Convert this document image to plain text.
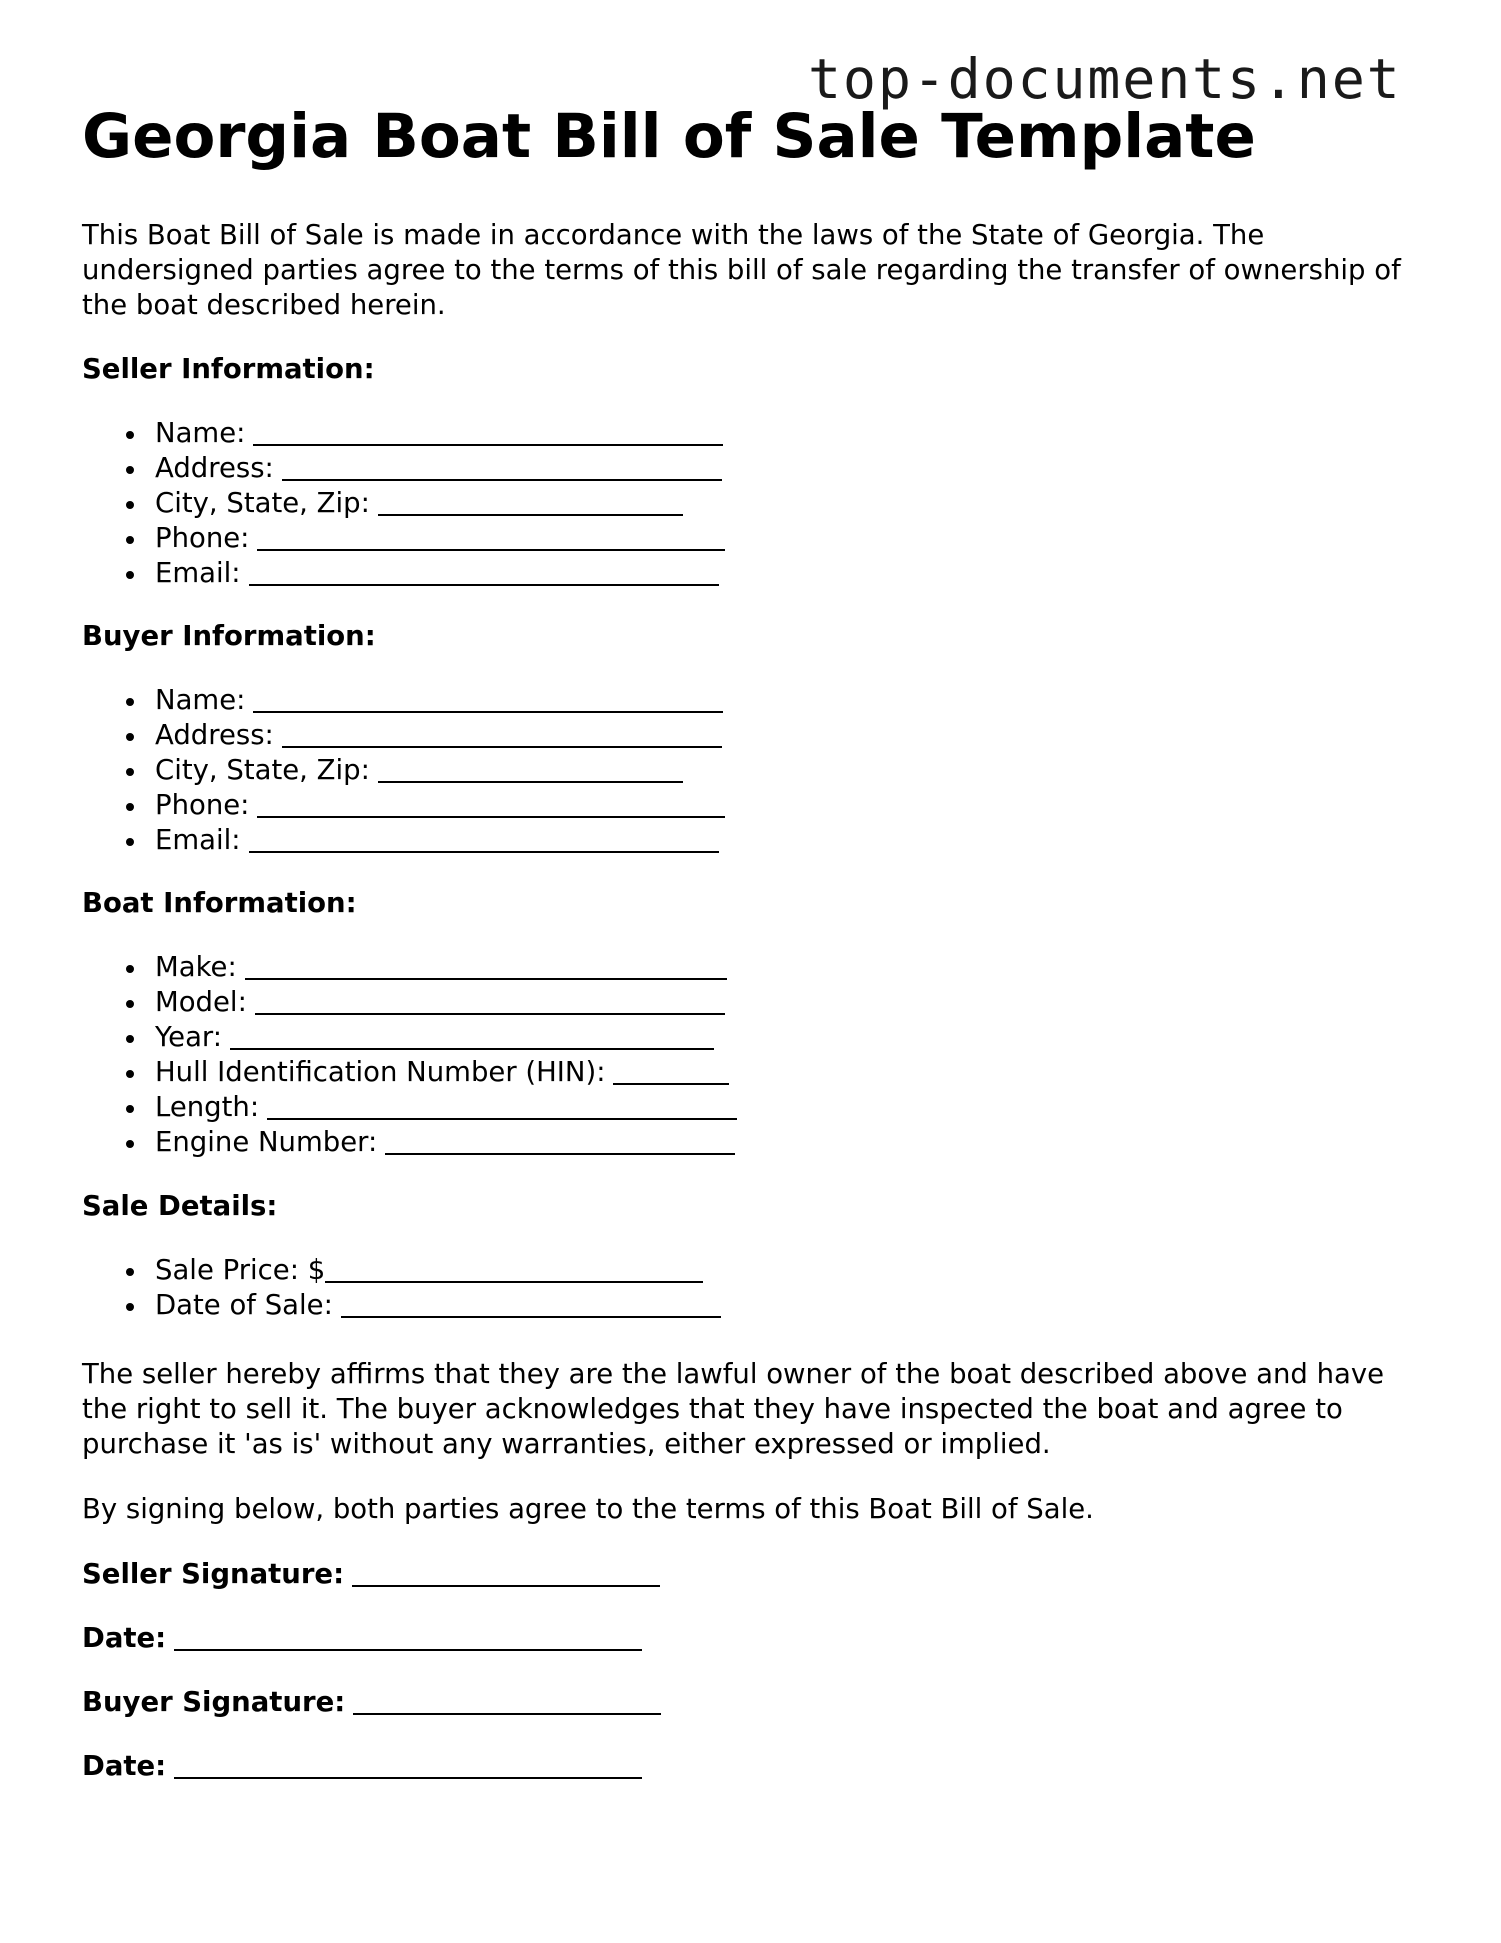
top-documents.net
Georgia Boat Bill of Sale Template

This Boat Bill of Sale is made in accordance with the laws of the State of Georgia. The undersigned parties agree to the terms of this bill of sale regarding the transfer of ownership of the boat described herein.

Seller Information:

Name:
Address:
City, State, Zip:
Phone:
Email:

Buyer Information:

Name:
Address:
City, State, Zip:
Phone:
Email:

Boat Information:

Make:
Model:
Year:
Hull Identification Number (HIN):
Length:
Engine Number:

Sale Details:

Sale Price: $
Date of Sale:

The seller hereby affirms that they are the lawful owner of the boat described above and have the right to sell it. The buyer acknowledges that they have inspected the boat and agree to purchase it 'as is' without any warranties, either expressed or implied.

By signing below, both parties agree to the terms of this Boat Bill of Sale.

Seller Signature:

Date:

Buyer Signature:

Date:
